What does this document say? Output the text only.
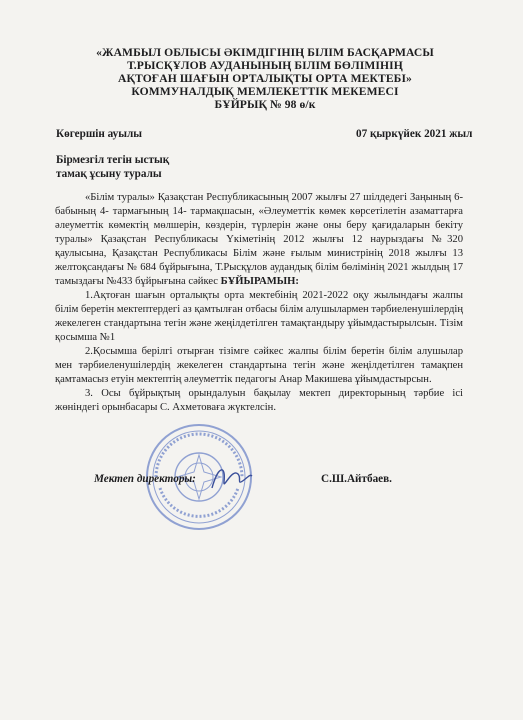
«ЖАМБЫЛ ОБЛЫСЫ ӘКІМДІГІНІҢ БІЛІМ БАСҚАРМАСЫ
Т.РЫСҚҰЛОВ АУДАНЫНЫҢ БІЛІМ БӨЛІМІНІҢ
АҚТОҒАН ШАҒЫН ОРТАЛЫҚТЫ ОРТА МЕКТЕБІ»
КОММУНАЛДЫҚ МЕМЛЕКЕТТІК МЕКЕМЕСІ
БҰЙРЫҚ № 98 ө/к
Көгершін ауылы	07 қыркүйек 2021 жыл
Бірмезгіл тегін ыстық
тамақ ұсыну туралы

«Білім туралы» Қазақстан Республикасының 2007 жылғы 27 шілдедегі Заңының 6- бабының 4- тармағының 14- тармақшасын, «Әлеуметтік көмек көрсетілетін азаматтарға әлеуметтік көмектің мөлшерін, көздерін, түрлерін және оны беру қағидаларын бекіту туралы» Қазақстан Республикасы Үкіметінің 2012 жылғы 12 наурыздағы №320 қаулысына, Қазақстан Республикасы Білім және ғылым министрінің 2018 жылғы 13 желтоқсандағы № 684 бұйрығына, Т.Рысқұлов аудандық білім бөлімінің 2021 жылдың 17 тамыздағы №433 бұйрығына сәйкес БҰЙЫРАМЫН:

1.Ақтоған шағын орталықты орта мектебінің 2021-2022 оқу жылындағы жалпы білім беретін мектептердегі аз қамтылған отбасы білім алушылармен тәрбиеленушілердің жекелеген стандартына тегін және жеңілдетілген тамақтандыру ұйымдастырылсын. Тізім қосымша №1

2.Қосымша берілгі отырған тізімге сәйкес жалпы білім беретін білім алушылар мен тәрбиеленушілердің жекелеген стандартына тегін және жеңілдетілген тамақпен қамтамасыз етуін мектептің әлеуметтік педагогы Анар Макишева ұйымдастырсын.

3. Осы бұйрықтың орындалуын бақылау мектеп директорының тәрбие ісі жөніндегі орынбасары С. Ахметоваға жүктелсін.

Мектеп директоры:	С.Ш.Айтбаев.
